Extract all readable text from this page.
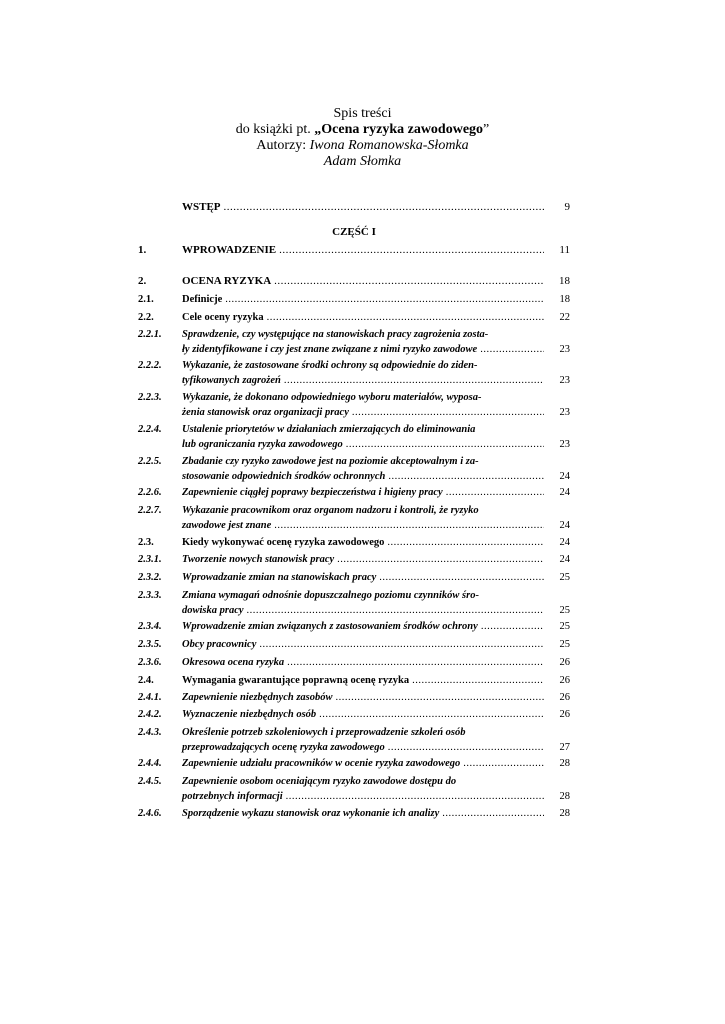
Spis treści
do książki pt. „Ocena ryzyka zawodowego”
Autorzy: Iwona Romanowska-Słomka
Adam Słomka
CZĘŚĆ I
WSTĘP .....	9
1.	WPROWADZENIE .....	11
2.	OCENA RYZYKA .....	18
2.1.	Definicje .....	18
2.2.	Cele oceny ryzyka .....	22
2.2.1.	Sprawdzenie, czy występujące na stanowiskach pracy zagrożenia zosta-
ły zidentyfikowane i czy jest znane związane z nimi ryzyko zawodowe .....	23
2.2.2.	Wykazanie, że zastosowane środki ochrony są odpowiednie do ziden-
tyfikowanych zagrożeń .....	23
2.2.3.	Wykazanie, że dokonano odpowiedniego wyboru materiałów, wyposa-
żenia stanowisk oraz organizacji pracy .....	23
2.2.4.	Ustalenie priorytetów w działaniach zmierzających do eliminowania
lub ograniczania ryzyka zawodowego .....	23
2.2.5.	Zbadanie czy ryzyko zawodowe jest na poziomie akceptowalnym i za-
stosowanie odpowiednich środków ochronnych .....	24
2.2.6.	Zapewnienie ciągłej poprawy bezpieczeństwa i higieny pracy .....	24
2.2.7.	Wykazanie pracownikom oraz organom nadzoru i kontroli, że ryzyko
zawodowe jest znane .....	24
2.3.	Kiedy wykonywać ocenę ryzyka zawodowego .....	24
2.3.1.	Tworzenie nowych stanowisk pracy .....	24
2.3.2.	Wprowadzanie zmian na stanowiskach pracy .....	25
2.3.3.	Zmiana wymagań odnośnie dopuszczalnego poziomu czynników śro-
dowiska pracy .....	25
2.3.4.	Wprowadzenie zmian związanych z zastosowaniem środków ochrony .....	25
2.3.5.	Obcy pracownicy .....	25
2.3.6.	Okresowa ocena ryzyka .....	26
2.4.	Wymagania gwarantujące poprawną ocenę ryzyka .....	26
2.4.1.	Zapewnienie niezbędnych zasobów .....	26
2.4.2.	Wyznaczenie niezbędnych osób .....	26
2.4.3.	Określenie potrzeb szkoleniowych i przeprowadzenie szkoleń osób
przeprowadzających ocenę ryzyka zawodowego .....	27
2.4.4.	Zapewnienie udziału pracowników w ocenie ryzyka zawodowego .....	28
2.4.5.	Zapewnienie osobom oceniającym ryzyko zawodowe dostępu do
potrzebnych informacji .....	28
2.4.6.	Sporządzenie wykazu stanowisk oraz wykonanie ich analizy .....	28
